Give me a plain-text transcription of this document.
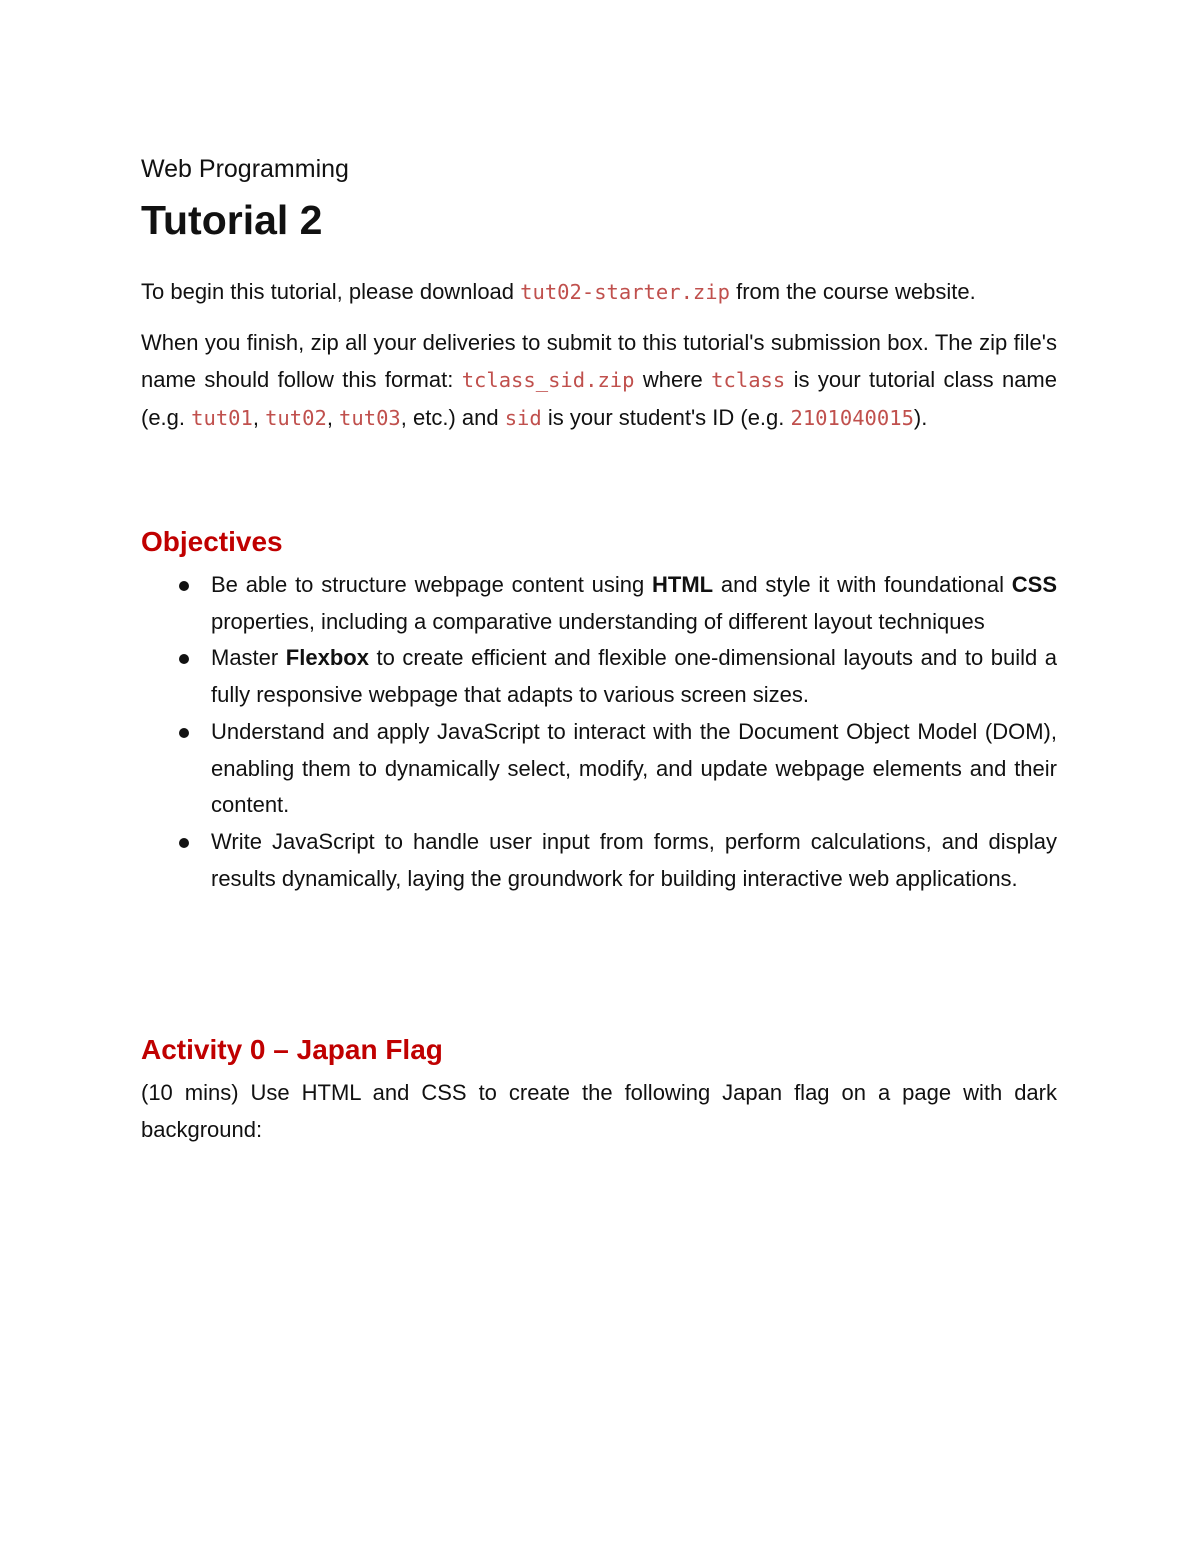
Web Programming
Tutorial 2

To begin this tutorial, please download tut02-starter.zip from the course website.

When you finish, zip all your deliveries to submit to this tutorial's submission box. The zip file's name should follow this format: tclass_sid.zip where tclass is your tutorial class name (e.g. tut01, tut02, tut03, etc.) and sid is your student's ID (e.g. 2101040015).

Objectives
Be able to structure webpage content using HTML and style it with foundational CSS properties, including a comparative understanding of different layout techniques
Master Flexbox to create efficient and flexible one-dimensional layouts and to build a fully responsive webpage that adapts to various screen sizes.
Understand and apply JavaScript to interact with the Document Object Model (DOM), enabling them to dynamically select, modify, and update webpage elements and their content.
Write JavaScript to handle user input from forms, perform calculations, and display results dynamically, laying the groundwork for building interactive web applications.
Activity 0 – Japan Flag

(10 mins) Use HTML and CSS to create the following Japan flag on a page with dark background:
